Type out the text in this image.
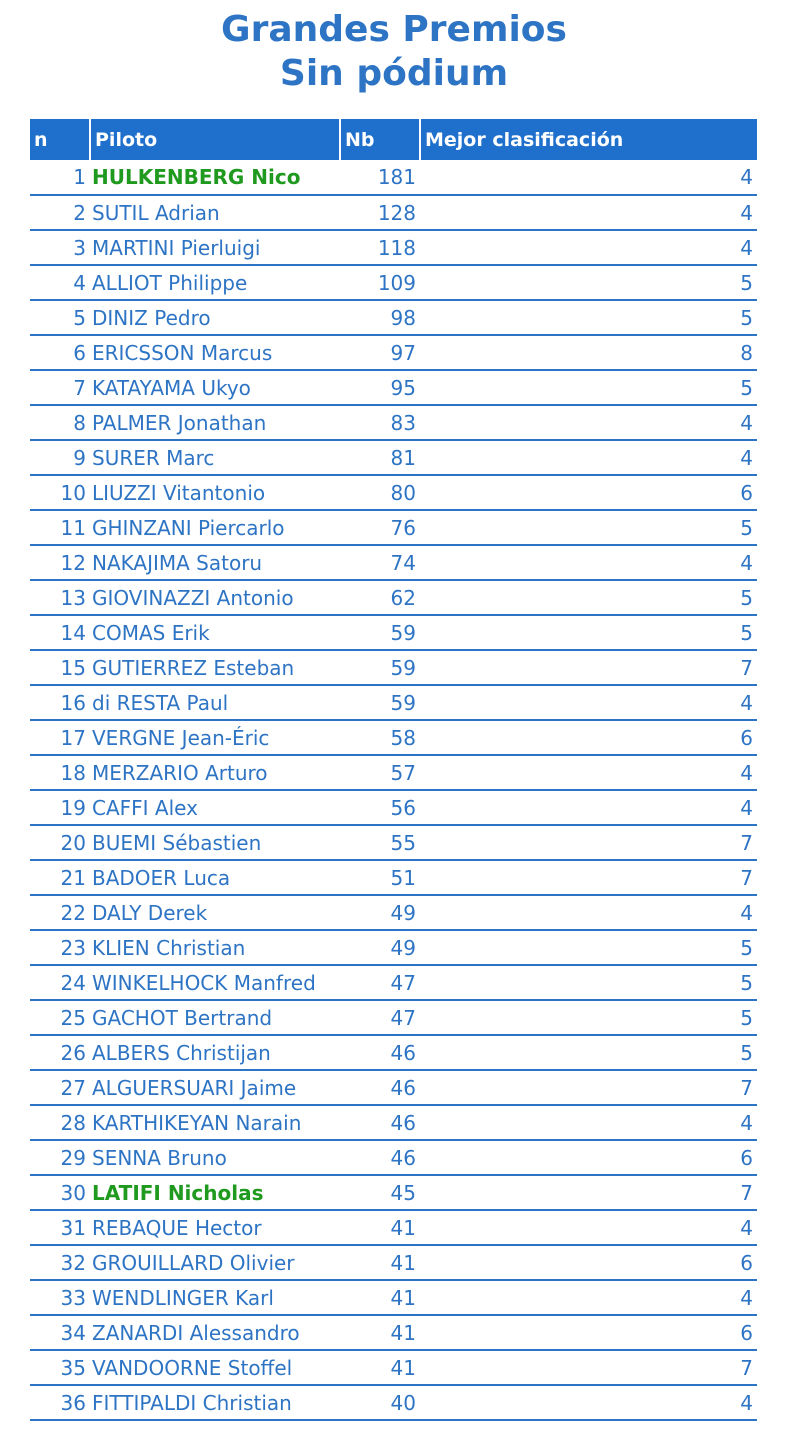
Grandes Premios
Sin pódium
n	Piloto	Nb	Mejor clasificación
1	HULKENBERG Nico	181	4
2	SUTIL Adrian	128	4
3	MARTINI Pierluigi	118	4
4	ALLIOT Philippe	109	5
5	DINIZ Pedro	98	5
6	ERICSSON Marcus	97	8
7	KATAYAMA Ukyo	95	5
8	PALMER Jonathan	83	4
9	SURER Marc	81	4
10	LIUZZI Vitantonio	80	6
11	GHINZANI Piercarlo	76	5
12	NAKAJIMA Satoru	74	4
13	GIOVINAZZI Antonio	62	5
14	COMAS Erik	59	5
15	GUTIERREZ Esteban	59	7
16	di RESTA Paul	59	4
17	VERGNE Jean-Éric	58	6
18	MERZARIO Arturo	57	4
19	CAFFI Alex	56	4
20	BUEMI Sébastien	55	7
21	BADOER Luca	51	7
22	DALY Derek	49	4
23	KLIEN Christian	49	5
24	WINKELHOCK Manfred	47	5
25	GACHOT Bertrand	47	5
26	ALBERS Christijan	46	5
27	ALGUERSUARI Jaime	46	7
28	KARTHIKEYAN Narain	46	4
29	SENNA Bruno	46	6
30	LATIFI Nicholas	45	7
31	REBAQUE Hector	41	4
32	GROUILLARD Olivier	41	6
33	WENDLINGER Karl	41	4
34	ZANARDI Alessandro	41	6
35	VANDOORNE Stoffel	41	7
36	FITTIPALDI Christian	40	4
